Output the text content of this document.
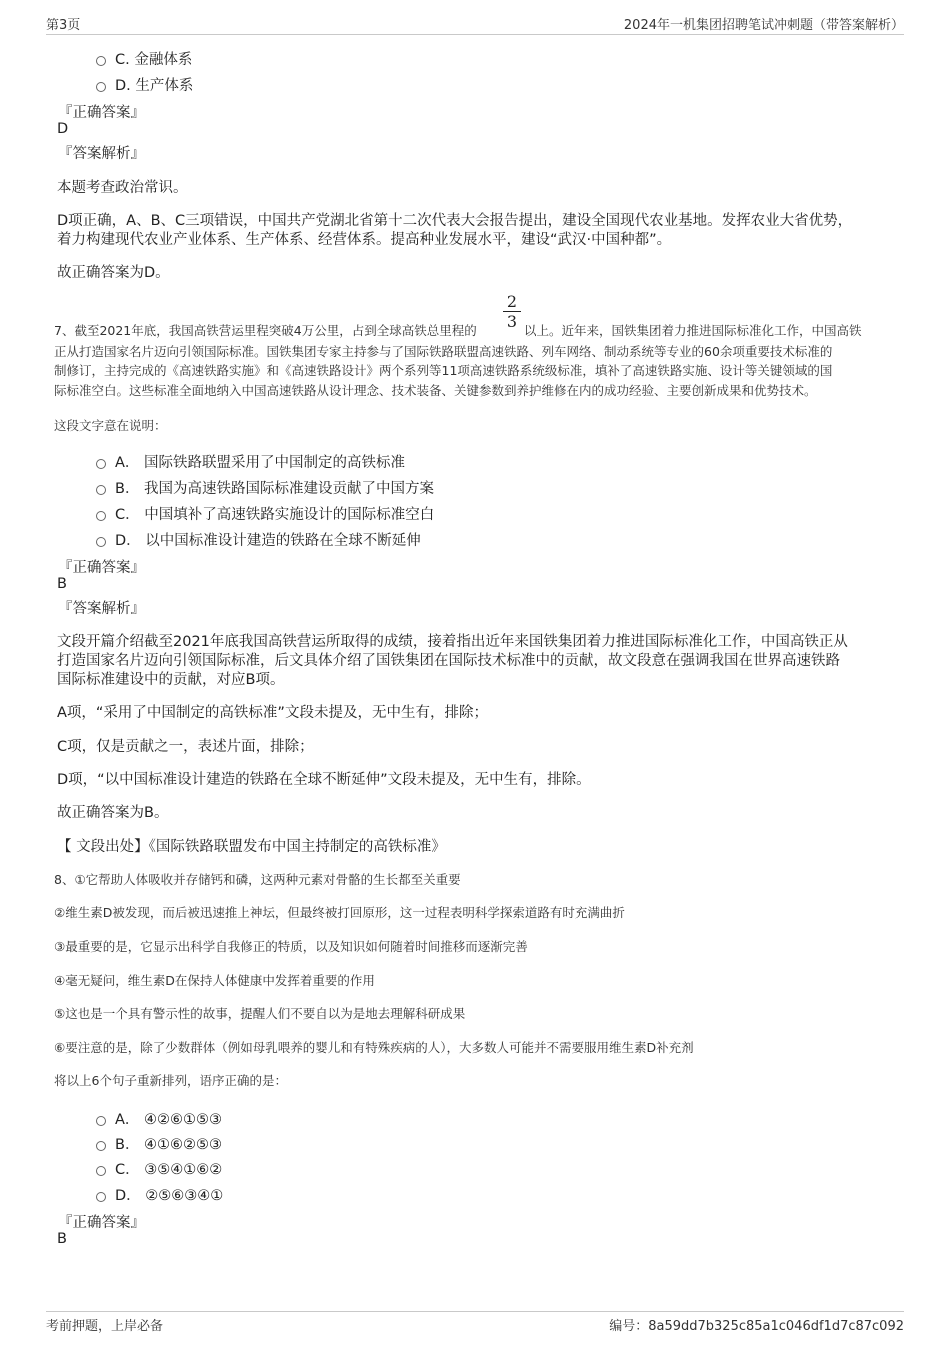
第3页	2024年一机集团招聘笔试冲刺题（带答案解析）
C. 金融体系
D. 生产体系
『正确答案』
D
『答案解析』
本题考查政治常识。
D项正确，A、B、C三项错误，中国共产党湖北省第十二次代表大会报告提出，建设全国现代农业基地。发挥农业大省优势，
着力构建现代农业产业体系、生产体系、经营体系。提高种业发展水平，建设“武汉·中国种都”。
故正确答案为D。
2
3
7、截至2021年底，我国高铁营运里程突破4万公里，占到全球高铁总里程的	以上。近年来，国铁集团着力推进国际标准化工作，中国高铁
正从打造国家名片迈向引领国际标准。国铁集团专家主持参与了国际铁路联盟高速铁路、列车网络、制动系统等专业的60余项重要技术标准的
制修订，主持完成的《高速铁路实施》和《高速铁路设计》两个系列等11项高速铁路系统级标准，填补了高速铁路实施、设计等关键领域的国
际标准空白。这些标准全面地纳入中国高速铁路从设计理念、技术装备、关键参数到养护维修在内的成功经验、主要创新成果和优势技术。
这段文字意在说明：
A． 国际铁路联盟采用了中国制定的高铁标准
B． 我国为高速铁路国际标准建设贡献了中国方案
C． 中国填补了高速铁路实施设计的国际标准空白
D． 以中国标准设计建造的铁路在全球不断延伸
『正确答案』
B
『答案解析』
文段开篇介绍截至2021年底我国高铁营运所取得的成绩，接着指出近年来国铁集团着力推进国际标准化工作，中国高铁正从
打造国家名片迈向引领国际标准，后文具体介绍了国铁集团在国际技术标准中的贡献，故文段意在强调我国在世界高速铁路
国际标准建设中的贡献，对应B项。
A项，“采用了中国制定的高铁标准”文段未提及，无中生有，排除；
C项，仅是贡献之一，表述片面，排除；
D项，“以中国标准设计建造的铁路在全球不断延伸”文段未提及，无中生有，排除。
故正确答案为B。
【 文段出处】《国际铁路联盟发布中国主持制定的高铁标准》
8、①它帮助人体吸收并存储钙和磷，这两种元素对骨骼的生长都至关重要
②维生素D被发现，而后被迅速推上神坛，但最终被打回原形，这一过程表明科学探索道路有时充满曲折
③最重要的是，它显示出科学自我修正的特质，以及知识如何随着时间推移而逐渐完善
④毫无疑问，维生素D在保持人体健康中发挥着重要的作用
⑤这也是一个具有警示性的故事，提醒人们不要自以为是地去理解科研成果
⑥要注意的是，除了少数群体（例如母乳喂养的婴儿和有特殊疾病的人），大多数人可能并不需要服用维生素D补充剂
将以上6个句子重新排列，语序正确的是：
A． ④②⑥①⑤③
B． ④①⑥②⑤③
C． ③⑤④①⑥②
D． ②⑤⑥③④①
『正确答案』
B
考前押题，上岸必备	编号：8a59dd7b325c85a1c046df1d7c87c092
